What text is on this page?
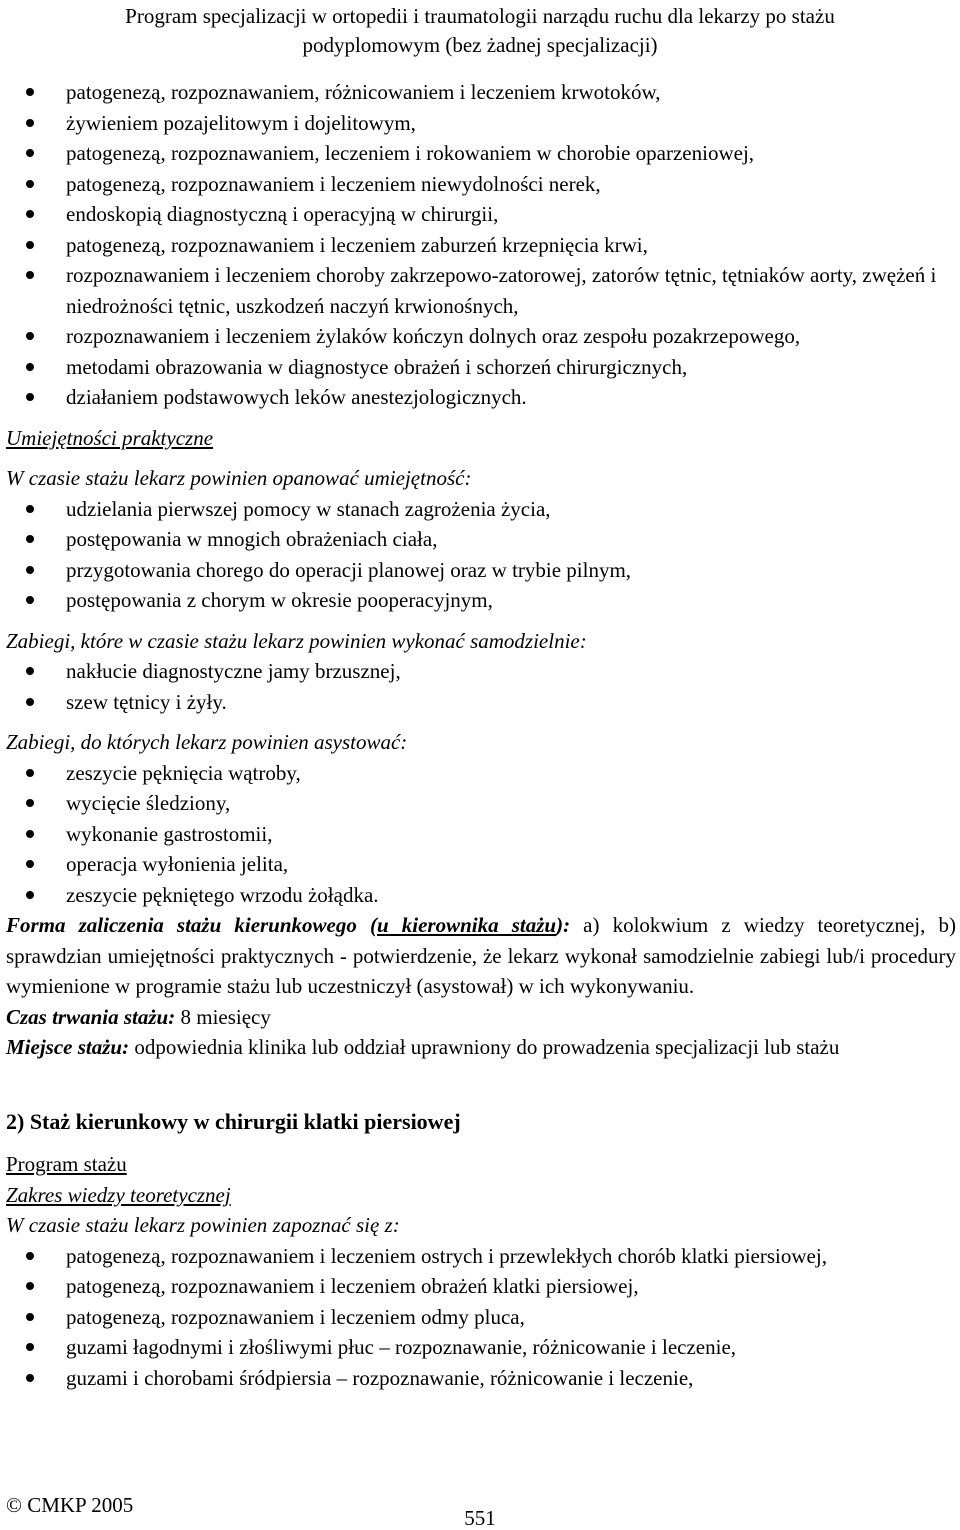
Program specjalizacji w ortopedii i traumatologii narządu ruchu dla lekarzy po stażu
podyplomowym (bez żadnej specjalizacji)
patogenezą, rozpoznawaniem, różnicowaniem i leczeniem krwotoków,
żywieniem pozajelitowym i dojelitowym,
patogenezą, rozpoznawaniem, leczeniem i rokowaniem w chorobie oparzeniowej,
patogenezą, rozpoznawaniem i leczeniem niewydolności nerek,
endoskopią diagnostyczną i operacyjną w chirurgii,
patogenezą, rozpoznawaniem i leczeniem zaburzeń krzepnięcia krwi,
rozpoznawaniem i leczeniem choroby zakrzepowo-zatorowej, zatorów tętnic, tętniaków aorty, zwężeń i niedrożności tętnic, uszkodzeń naczyń krwionośnych,
rozpoznawaniem i leczeniem żylaków kończyn dolnych oraz zespołu pozakrzepowego,
metodami obrazowania w diagnostyce obrażeń i schorzeń chirurgicznych,
działaniem podstawowych leków anestezjologicznych.
Umiejętności praktyczne
W czasie stażu lekarz powinien opanować umiejętność:
udzielania pierwszej pomocy w stanach zagrożenia życia,
postępowania w mnogich obrażeniach ciała,
przygotowania chorego do operacji planowej oraz w trybie pilnym,
postępowania z chorym w okresie pooperacyjnym,
Zabiegi, które w czasie stażu lekarz powinien wykonać samodzielnie:
nakłucie diagnostyczne jamy brzusznej,
szew tętnicy i żyły.
Zabiegi, do których lekarz powinien asystować:
zeszycie pęknięcia wątroby,
wycięcie śledziony,
wykonanie gastrostomii,
operacja wyłonienia jelita,
zeszycie pękniętego wrzodu żołądka.

Forma zaliczenia stażu kierunkowego (u kierownika stażu): a) kolokwium z wiedzy teoretycznej, b) sprawdzian umiejętności praktycznych - potwierdzenie, że lekarz wykonał samodzielnie zabiegi lub/i procedury wymienione w programie stażu lub uczestniczył (asystował) w ich wykonywaniu.

Czas trwania stażu: 8 miesięcy

Miejsce stażu: odpowiednia klinika lub oddział uprawniony do prowadzenia specjalizacji lub stażu

2) Staż kierunkowy w chirurgii klatki piersiowej
Program stażu
Zakres wiedzy teoretycznej
W czasie stażu lekarz powinien zapoznać się z:
patogenezą, rozpoznawaniem i leczeniem ostrych i przewlekłych chorób klatki piersiowej,
patogenezą, rozpoznawaniem i leczeniem obrażeń klatki piersiowej,
patogenezą, rozpoznawaniem i leczeniem odmy pluca,
guzami łagodnymi i złośliwymi płuc – rozpoznawanie, różnicowanie i leczenie,
guzami i chorobami śródpiersia – rozpoznawanie, różnicowanie i leczenie,
© CMKP 2005
551
